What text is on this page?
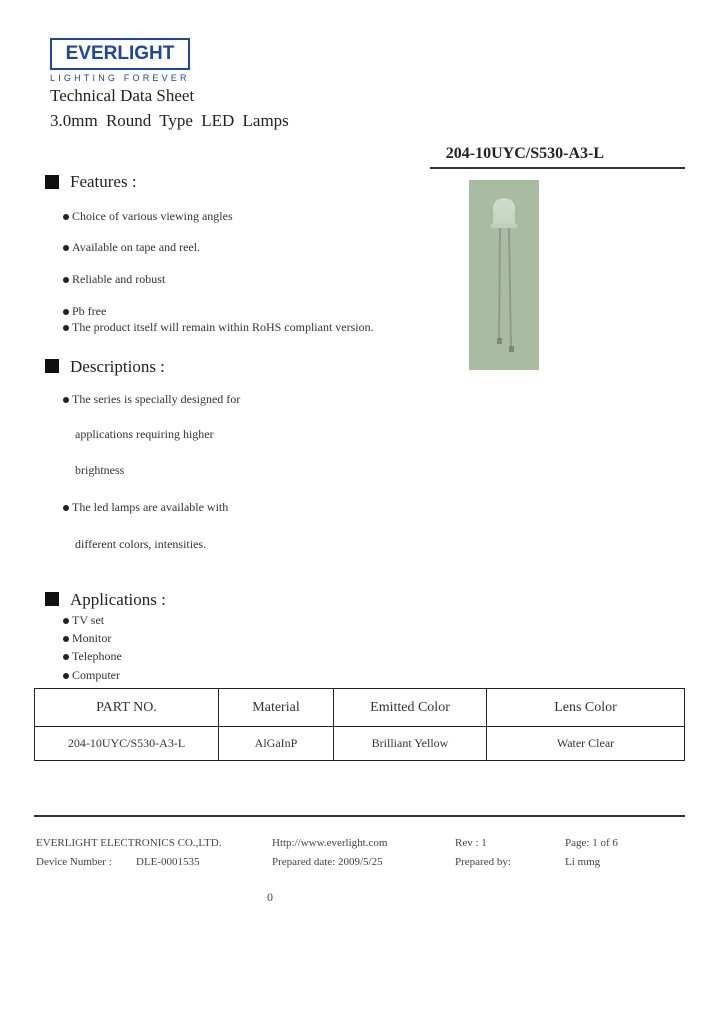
EVERLIGHT
LIGHTING FOREVER
Technical Data Sheet
3.0mm Round Type LED Lamps
204-10UYC/S530-A3-L
Features :
Choice of various viewing angles
Available on tape and reel.
Reliable and robust
Pb free
The product itself will remain within RoHS compliant version.
Descriptions :
The series is specially designed for
applications requiring higher
brightness
The led lamps are available with
different colors, intensities.
Applications :
TV set
Monitor
Telephone
Computer
PART NO.	Material	Emitted Color	Lens Color
204-10UYC/S530-A3-L	AlGaInP	Brilliant Yellow	Water Clear
EVERLIGHT ELECTRONICS CO.,LTD.	Http://www.everlight.com	Rev : 1	Page: 1 of 6
Device Number : DLE-0001535	Prepared date: 2009/5/25	Prepared by:	Li mmg
0
